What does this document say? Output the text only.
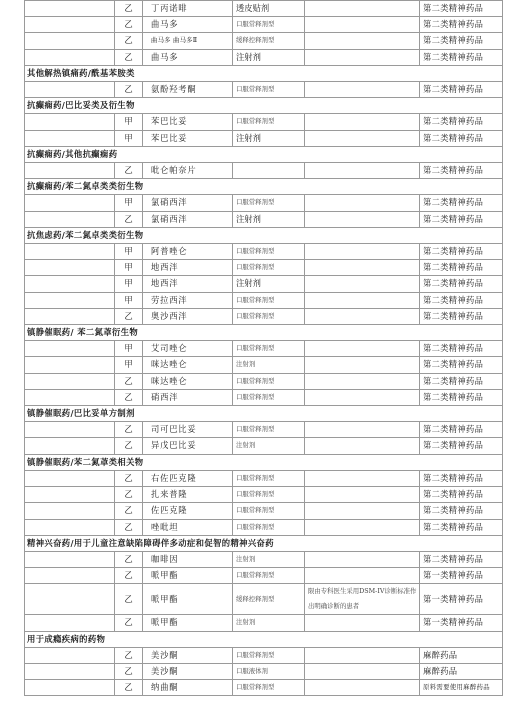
	乙	丁丙诺啡	透皮贴剂		第二类精神药品
	乙	曲马多	口服常释剂型		第二类精神药品
	乙	曲马多 曲马多Ⅱ	缓释控释剂型		第二类精神药品
	乙	曲马多	注射剂		第二类精神药品
其他解热镇痛药/酰基苯胺类					
	乙	氨酚羟考酮	口服常释剂型		第二类精神药品
抗癫痫药/巴比妥类及衍生物					
	甲	苯巴比妥	口服常释剂型		第二类精神药品
	甲	苯巴比妥	注射剂		第二类精神药品
抗癫痫药/其他抗癫痫药					
	乙	吡仑帕奈片			第二类精神药品
抗癫痫药/苯二氮卓类类衍生物					
	甲	氯硝西泮	口服常释剂型		第二类精神药品
	乙	氯硝西泮	注射剂		第二类精神药品
抗焦虑药/苯二氮卓类类衍生物					
	甲	阿普唑仑	口服常释剂型		第二类精神药品
	甲	地西泮	口服常释剂型		第二类精神药品
	甲	地西泮	注射剂		第二类精神药品
	甲	劳拉西泮	口服常释剂型		第二类精神药品
	乙	奥沙西泮	口服常释剂型		第二类精神药品
镇静催眠药/ 苯二氮䓬衍生物					
	甲	艾司唑仑	口服常释剂型		第二类精神药品
	甲	咪达唑仑	注射剂		第二类精神药品
	乙	咪达唑仑	口服常释剂型		第二类精神药品
	乙	硝西泮	口服常释剂型		第二类精神药品
镇静催眠药/巴比妥单方制剂					
	乙	司可巴比妥	口服常释剂型		第二类精神药品
	乙	异戊巴比妥	注射剂		第二类精神药品
镇静催眠药/苯二氮䓬类相关物					
	乙	右佐匹克隆	口服常释剂型		第二类精神药品
	乙	扎来普隆	口服常释剂型		第二类精神药品
	乙	佐匹克隆	口服常释剂型		第二类精神药品
	乙	唑吡坦	口服常释剂型		第二类精神药品
精神兴奋药/用于儿童注意缺陷障碍伴多动症和促智的精神兴奋药					
	乙	咖啡因	注射剂		第二类精神药品
	乙	哌甲酯	口服常释剂型		第一类精神药品
	乙	哌甲酯	缓释控释剂型	限由专科医生采用DSM-IV诊断标准作出明确诊断的患者	第一类精神药品
	乙	哌甲酯	注射剂		第一类精神药品
用于成瘾疾病的药物					
	乙	美沙酮	口服常释剂型		麻醉药品
	乙	美沙酮	口服液体剂		麻醉药品
	乙	纳曲酮	口服常释剂型		原料需要使用麻醉药品
